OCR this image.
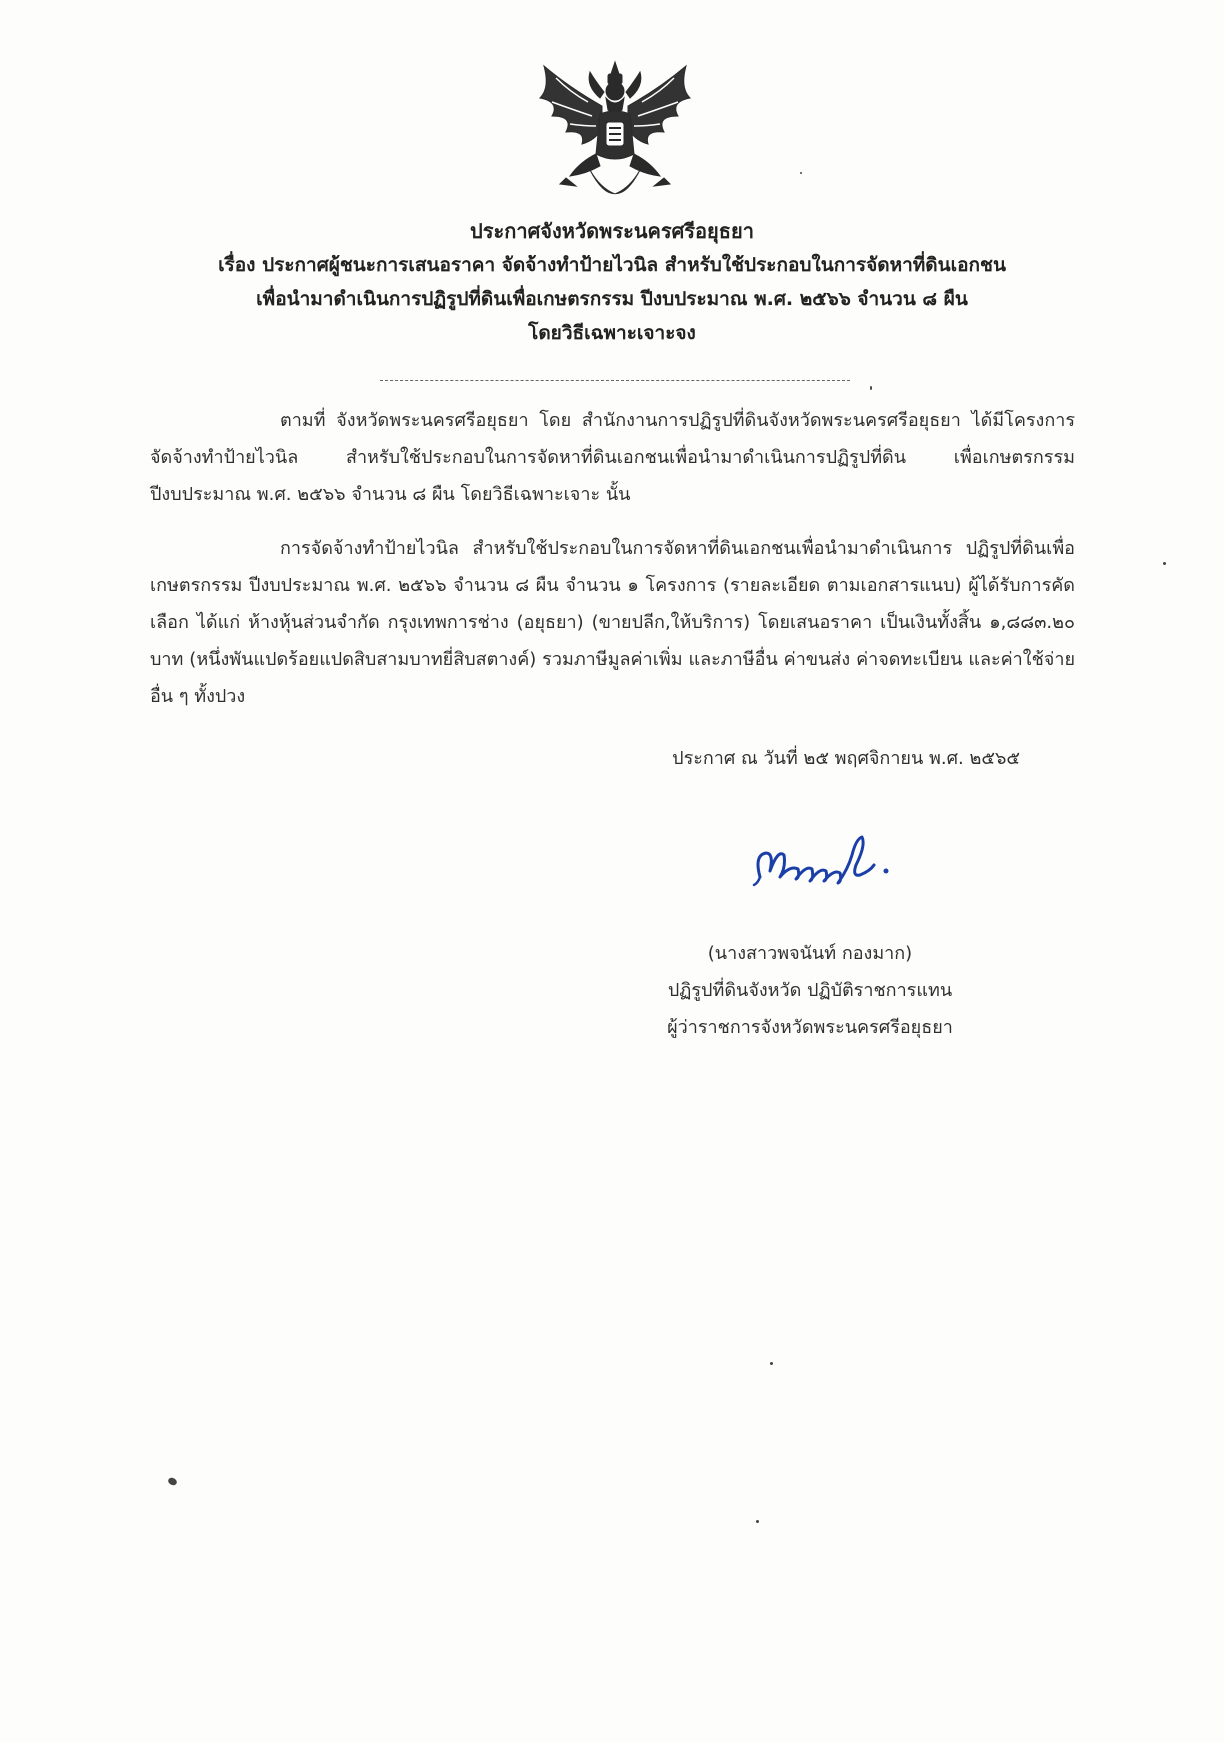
ประกาศจังหวัดพระนครศรีอยุธยา
เรื่อง ประกาศผู้ชนะการเสนอราคา จัดจ้างทำป้ายไวนิล สำหรับใช้ประกอบในการจัดหาที่ดินเอกชน
เพื่อนำมาดำเนินการปฏิรูปที่ดินเพื่อเกษตรกรรม ปีงบประมาณ พ.ศ. ๒๕๖๖ จำนวน ๘ ผืน
โดยวิธีเฉพาะเจาะจง
ตามที่ จังหวัดพระนครศรีอยุธยา โดย สำนักงานการปฏิรูปที่ดินจังหวัดพระนครศรีอยุธยา ได้มีโครงการจัดจ้างทำป้ายไวนิล สำหรับใช้ประกอบในการจัดหาที่ดินเอกชนเพื่อนำมาดำเนินการปฏิรูปที่ดิน เพื่อเกษตรกรรม ปีงบประมาณ พ.ศ. ๒๕๖๖ จำนวน ๘ ผืน โดยวิธีเฉพาะเจาะ นั้น
การจัดจ้างทำป้ายไวนิล สำหรับใช้ประกอบในการจัดหาที่ดินเอกชนเพื่อนำมาดำเนินการ ปฏิรูปที่ดินเพื่อเกษตรกรรม ปีงบประมาณ พ.ศ. ๒๕๖๖ จำนวน ๘ ผืน จำนวน ๑ โครงการ (รายละเอียด ตามเอกสารแนบ) ผู้ได้รับการคัดเลือก ได้แก่ ห้างหุ้นส่วนจำกัด กรุงเทพการช่าง (อยุธยา) (ขายปลีก,ให้บริการ) โดยเสนอราคา เป็นเงินทั้งสิ้น ๑,๘๘๓.๒๐ บาท (หนึ่งพันแปดร้อยแปดสิบสามบาทยี่สิบสตางค์) รวมภาษีมูลค่าเพิ่ม และภาษีอื่น ค่าขนส่ง ค่าจดทะเบียน และค่าใช้จ่ายอื่น ๆ ทั้งปวง
ประกาศ ณ วันที่ ๒๕ พฤศจิกายน พ.ศ. ๒๕๖๕
(นางสาวพจนันท์ กองมาก)
ปฏิรูปที่ดินจังหวัด ปฏิบัติราชการแทน
ผู้ว่าราชการจังหวัดพระนครศรีอยุธยา
